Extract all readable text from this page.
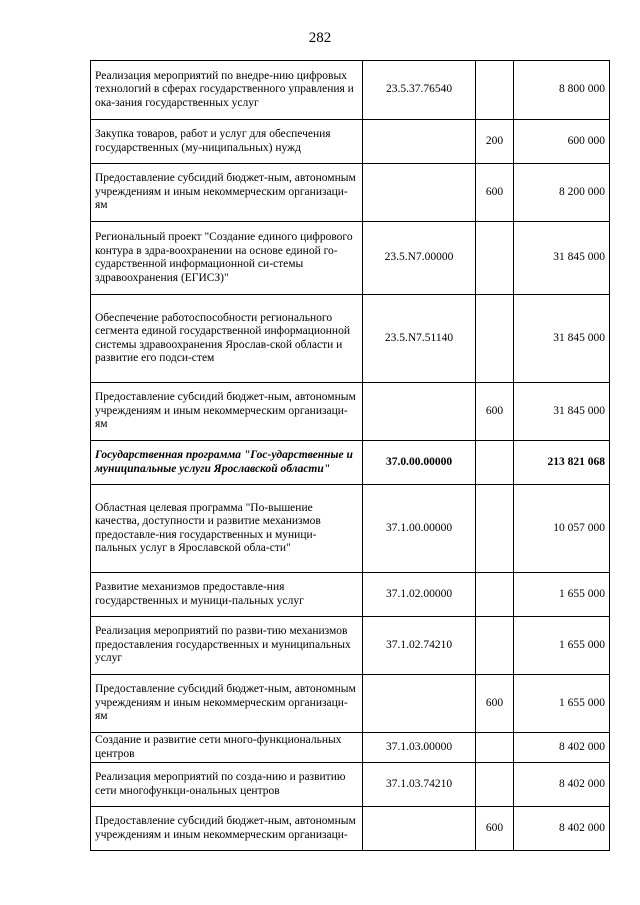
282
Реализация мероприятий по внедре-нию цифровых технологий в сферах государственного управления и ока-зания государственных услуг	23.5.37.76540		8 800 000
Закупка товаров, работ и услуг для обеспечения государственных (му-ниципальных) нужд		200	600 000
Предоставление субсидий бюджет-ным, автономным учреждениям и иным некоммерческим организаци-ям		600	8 200 000
Региональный проект "Создание единого цифрового контура в здра-воохранении на основе единой го-сударственной информационной си-стемы здравоохранения (ЕГИСЗ)"	23.5.N7.00000		31 845 000
Обеспечение работоспособности регионального сегмента единой государственной информационной системы здравоохранения Ярослав-ской области и развитие его подси-стем	23.5.N7.51140		31 845 000
Предоставление субсидий бюджет-ным, автономным учреждениям и иным некоммерческим организаци-ям		600	31 845 000
Государственная программа "Гос-ударственные и муниципальные услуги Ярославской области"	37.0.00.00000		213 821 068
Областная целевая программа "По-вышение качества, доступности и развитие механизмов предоставле-ния государственных и муници-пальных услуг в Ярославской обла-сти"	37.1.00.00000		10 057 000
Развитие механизмов предоставле-ния государственных и муници-пальных услуг	37.1.02.00000		1 655 000
Реализация мероприятий по разви-тию механизмов предоставления государственных и муниципальных услуг	37.1.02.74210		1 655 000
Предоставление субсидий бюджет-ным, автономным учреждениям и иным некоммерческим организаци-ям		600	1 655 000
Создание и развитие сети много-функциональных центров	37.1.03.00000		8 402 000
Реализация мероприятий по созда-нию и развитию сети многофункци-ональных центров	37.1.03.74210		8 402 000
Предоставление субсидий бюджет-ным, автономным учреждениям и иным некоммерческим организаци-		600	8 402 000
